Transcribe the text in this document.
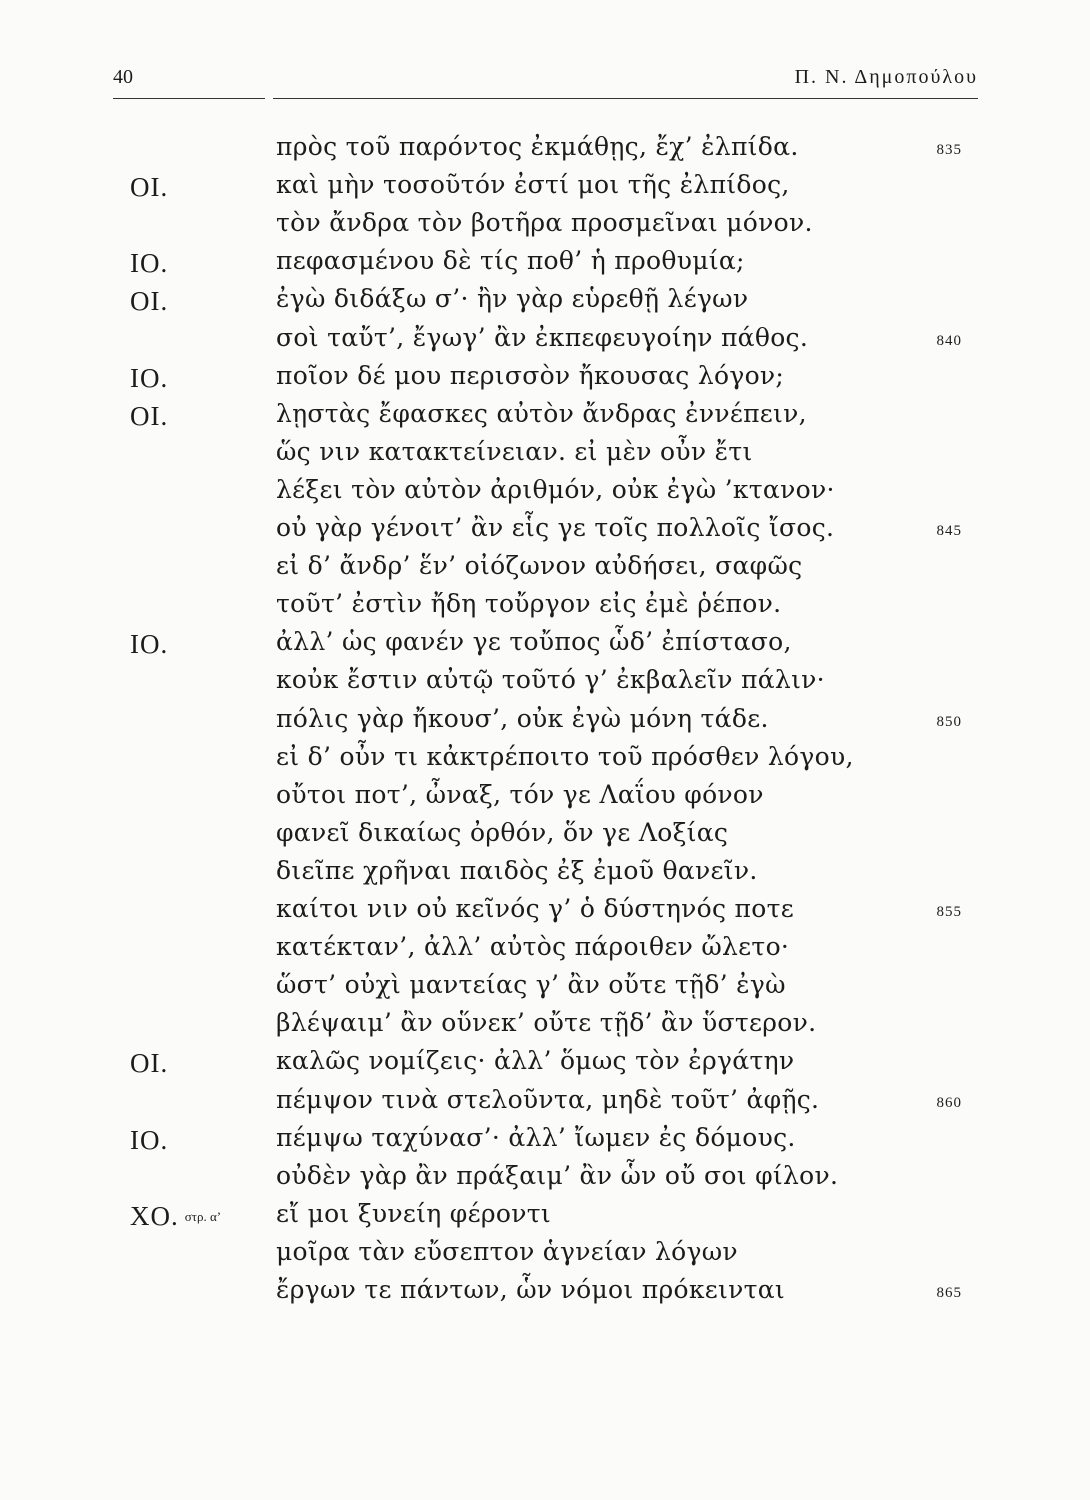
40	Π. Ν. Δημοπούλου
πρὸς τοῦ παρόντος ἐκμάθῃς, ἔχ’ ἐλπίδα.	835
ΟΙ.	καὶ μὴν τοσοῦτόν ἐστί μοι τῆς ἐλπίδος,
τὸν ἄνδρα τὸν βοτῆρα προσμεῖναι μόνον.
ΙΟ.	πεφασμένου δὲ τίς ποθ’ ἡ προθυμία;
ΟΙ.	ἐγὼ διδάξω σ’· ἢν γὰρ εὑρεθῇ λέγων
σοὶ ταὔτ’, ἔγωγ’ ἂν ἐκπεφευγοίην πάθος.	840
ΙΟ.	ποῖον δέ μου περισσὸν ἤκουσας λόγον;
ΟΙ.	λῃστὰς ἔφασκες αὐτὸν ἄνδρας ἐννέπειν,
ὥς νιν κατακτείνειαν. εἰ μὲν οὖν ἔτι
λέξει τὸν αὐτὸν ἀριθμόν, οὐκ ἐγὼ ’κτανον·
οὐ γὰρ γένοιτ’ ἂν εἷς γε τοῖς πολλοῖς ἴσος.	845
εἰ δ’ ἄνδρ’ ἕν’ οἰόζωνον αὐδήσει, σαφῶς
τοῦτ’ ἐστὶν ἤδη τοὔργον εἰς ἐμὲ ῥέπον.
ΙΟ.	ἀλλ’ ὡς φανέν γε τοὔπος ὧδ’ ἐπίστασο,
κοὐκ ἔστιν αὐτῷ τοῦτό γ’ ἐκβαλεῖν πάλιν·
πόλις γὰρ ἤκουσ’, οὐκ ἐγὼ μόνη τάδε.	850
εἰ δ’ οὖν τι κἀκτρέποιτο τοῦ πρόσθεν λόγου,
οὔτοι ποτ’, ὦναξ, τόν γε Λαΐου φόνον
φανεῖ δικαίως ὀρθόν, ὅν γε Λοξίας
διεῖπε χρῆναι παιδὸς ἐξ ἐμοῦ θανεῖν.
καίτοι νιν οὐ κεῖνός γ’ ὁ δύστηνός ποτε	855
κατέκταν’, ἀλλ’ αὐτὸς πάροιθεν ὤλετο·
ὥστ’ οὐχὶ μαντείας γ’ ἂν οὔτε τῇδ’ ἐγὼ
βλέψαιμ’ ἂν οὕνεκ’ οὔτε τῇδ’ ἂν ὕστερον.
ΟΙ.	καλῶς νομίζεις· ἀλλ’ ὅμως τὸν ἐργάτην
πέμψον τινὰ στελοῦντα, μηδὲ τοῦτ’ ἀφῇς.	860
ΙΟ.	πέμψω ταχύνασ’· ἀλλ’ ἴωμεν ἐς δόμους.
οὐδὲν γὰρ ἂν πράξαιμ’ ἂν ὧν οὔ σοι φίλον.
ΧΟ. στρ. α’ εἴ μοι ξυνείη φέροντι
μοῖρα τὰν εὔσεπτον ἁγνείαν λόγων
ἔργων τε πάντων, ὧν νόμοι πρόκεινται	865
